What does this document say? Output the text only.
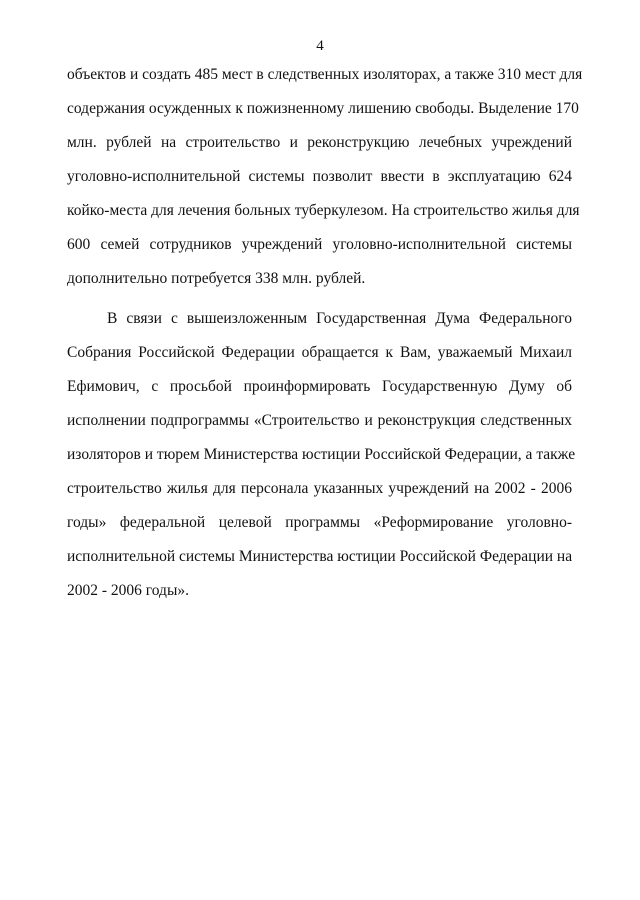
4
объектов и создать 485 мест в следственных изоляторах, а также 310 мест для
содержания осужденных к пожизненному лишению свободы. Выделение 170
млн. рублей на строительство и реконструкцию лечебных учреждений
уголовно-исполнительной системы позволит ввести в эксплуатацию 624
койко-места для лечения больных туберкулезом. На строительство жилья для
600 семей сотрудников учреждений уголовно-исполнительной системы
дополнительно потребуется 338 млн. рублей.
В связи с вышеизложенным Государственная Дума Федерального
Собрания Российской Федерации обращается к Вам, уважаемый Михаил
Ефимович, с просьбой проинформировать Государственную Думу об
исполнении подпрограммы «Строительство и реконструкция следственных
изоляторов и тюрем Министерства юстиции Российской Федерации, а также
строительство жилья для персонала указанных учреждений на 2002 - 2006
годы» федеральной целевой программы «Реформирование уголовно-
исполнительной системы Министерства юстиции Российской Федерации на
2002 - 2006 годы».
